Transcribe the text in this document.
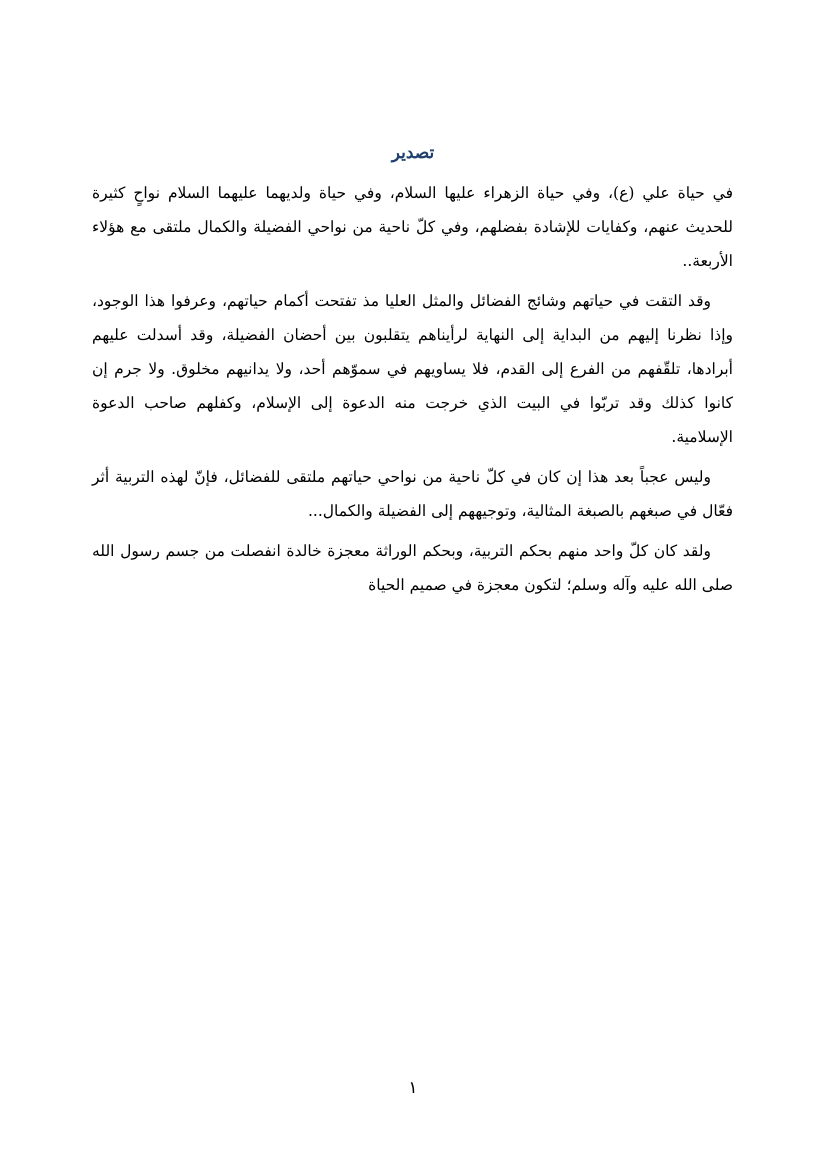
تصدير

في حياة علي (ع)، وفي حياة الزهراء عليها السلام، وفي حياة ولديهما عليهما السلام نواحٍ كثيرة للحديث عنهم، وكفايات للإشادة بفضلهم، وفي كلّ ناحية من نواحي الفضيلة والكمال ملتقى مع هؤلاء الأربعة..

وقد التقت في حياتهم وشائج الفضائل والمثل العليا مذ تفتحت أكمام حياتهم، وعرفوا هذا الوجود، وإذا نظرنا إليهم من البداية إلى النهاية لرأيناهم يتقلبون بين أحضان الفضيلة، وقد أسدلت عليهم أبرادها، تلقّفهم من الفرع إلى القدم، فلا يساويهم في سموّهم أحد، ولا يدانيهم مخلوق. ولا جرم إن كانوا كذلك وقد تربّوا في البيت الذي خرجت منه الدعوة إلى الإسلام، وكفلهم صاحب الدعوة الإسلامية.

وليس عجباً بعد هذا إن كان في كلّ ناحية من نواحي حياتهم ملتقى للفضائل، فإنّ لهذه التربية أثر فعّال في صبغهم بالصبغة المثالية، وتوجيههم إلى الفضيلة والكمال...

ولقد كان كلّ واحد منهم بحكم التربية، وبحكم الوراثة معجزة خالدة انفصلت من جسم رسول الله صلى الله عليه وآله وسلم؛ لتكون معجزة في صميم الحياة

١
